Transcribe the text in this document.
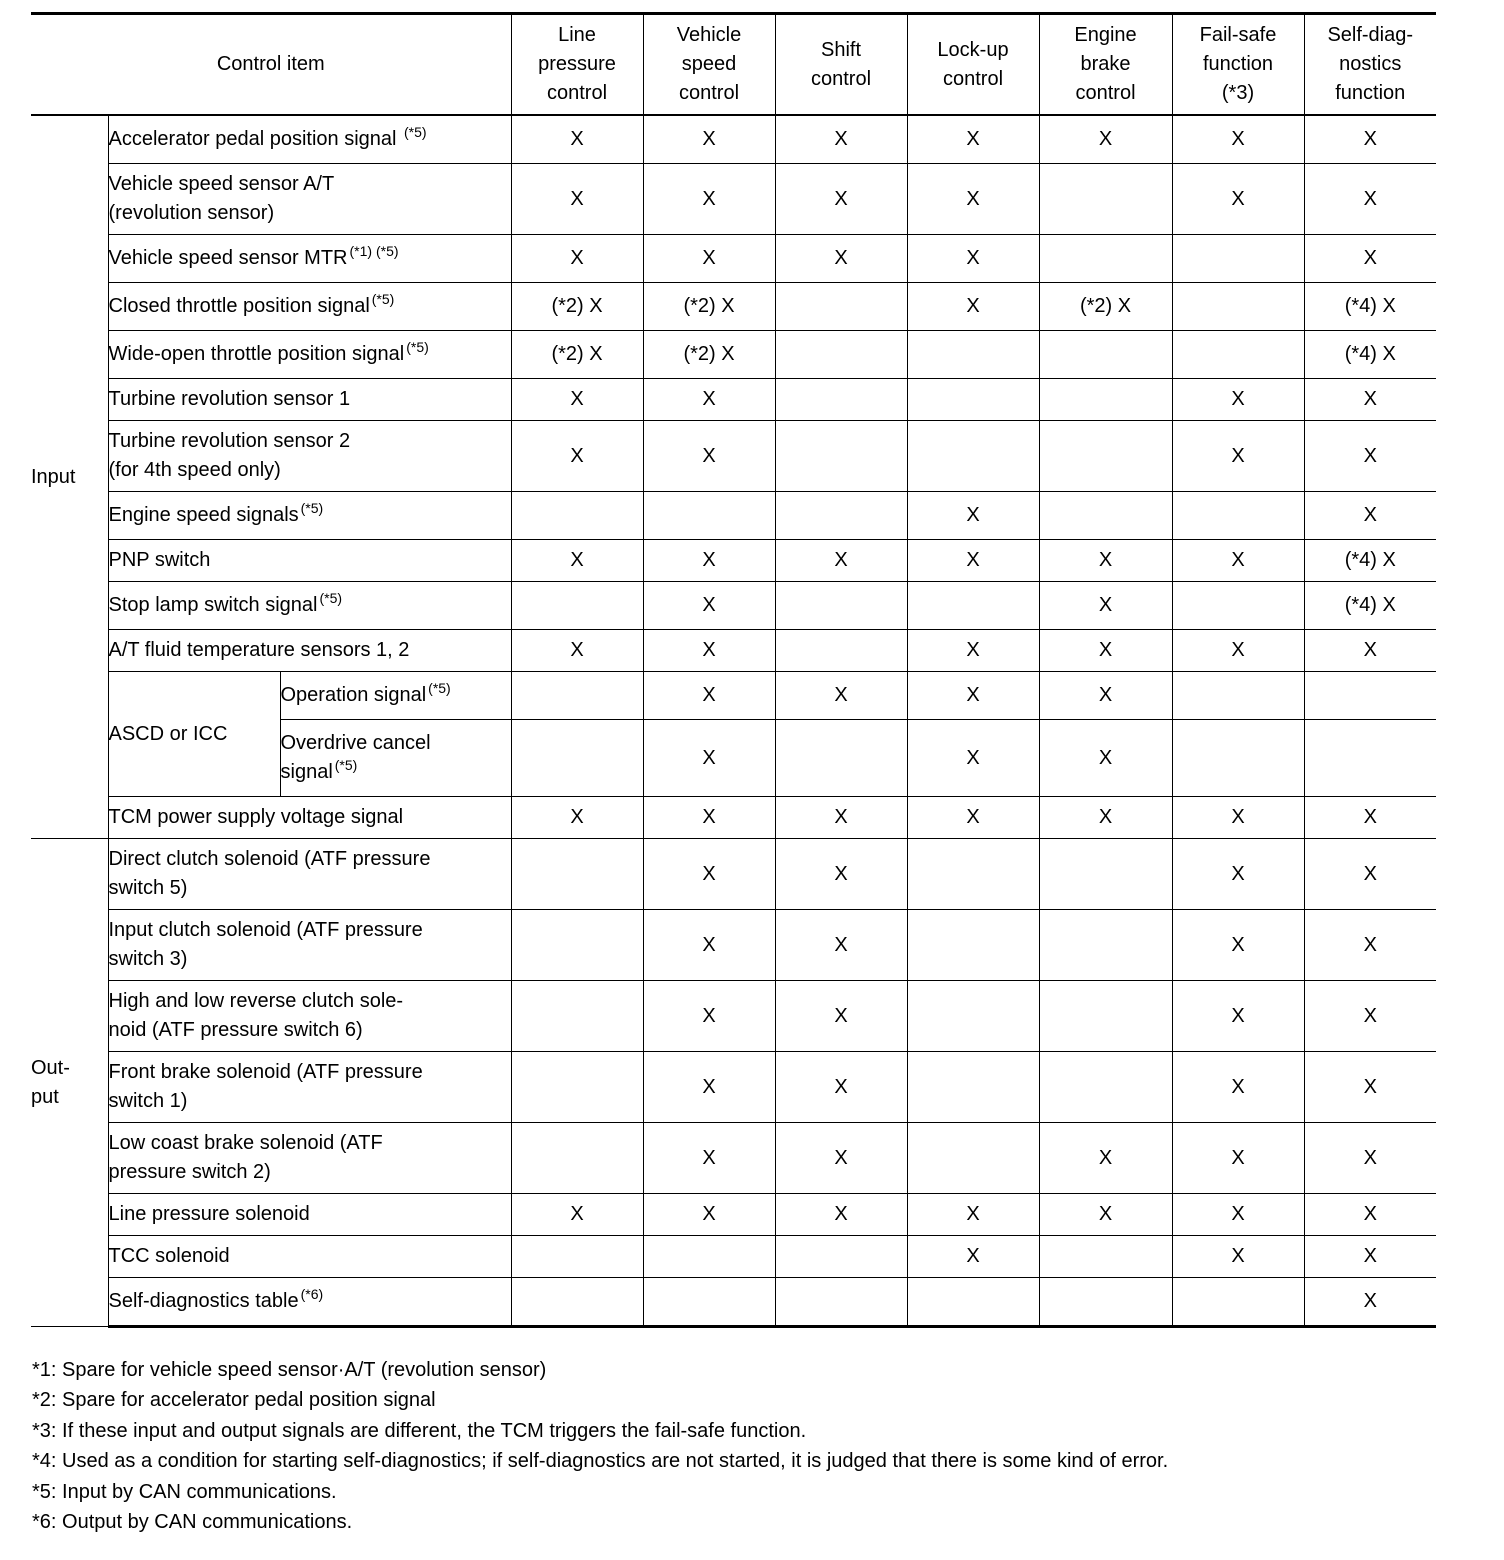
Control item			Line
pressure
control	Vehicle
speed
control	Shift
control	Lock-up
control	Engine
brake
control	Fail-safe
function
(*3)	Self-diag-
nostics
function
Input	Accelerator pedal position signal $^{(*5)}$		X	X	X	X	X	X	X
	Vehicle speed sensor A/T
(revolution sensor)		X	X	X	X		X	X
	Vehicle speed sensor MTR $^{(*1) (*5)}$		X	X	X	X			X
	Closed throttle position signal $^{(*5)}$		(*2) X	(*2) X		X	(*2) X		(*4) X
	Wide-open throttle position signal $^{(*5)}$		(*2) X	(*2) X					(*4) X
	Turbine revolution sensor 1		X	X				X	X
	Turbine revolution sensor 2
(for 4th speed only)		X	X				X	X
	Engine speed signals $^{(*5)}$					X			X
	PNP switch		X	X	X	X	X	X	(*4) X
	Stop lamp switch signal $^{(*5)}$			X			X		(*4) X
	A/T fluid temperature sensors 1, 2		X	X		X	X	X	X
	ASCD or ICC	Operation signal $^{(*5)}$		X	X	X	X		
		Overdrive cancel
signal $^{(*5)}$		X		X	X		
	TCM power supply voltage signal		X	X	X	X	X	X	X
Out-
put	Direct clutch solenoid (ATF pressure
switch 5)			X	X			X	X
	Input clutch solenoid (ATF pressure
switch 3)			X	X			X	X
	High and low reverse clutch sole-
noid (ATF pressure switch 6)			X	X			X	X
	Front brake solenoid (ATF pressure
switch 1)			X	X			X	X
	Low coast brake solenoid (ATF
pressure switch 2)			X	X		X	X	X
	Line pressure solenoid		X	X	X	X	X	X	X
	TCC solenoid					X		X	X
	Self-diagnostics table $^{(*6)}$								X
*1: Spare for vehicle speed sensor·A/T (revolution sensor)
*2: Spare for accelerator pedal position signal
*3: If these input and output signals are different, the TCM triggers the fail-safe function.
*4: Used as a condition for starting self-diagnostics; if self-diagnostics are not started, it is judged that there is some kind of error.
*5: Input by CAN communications.
*6: Output by CAN communications.
